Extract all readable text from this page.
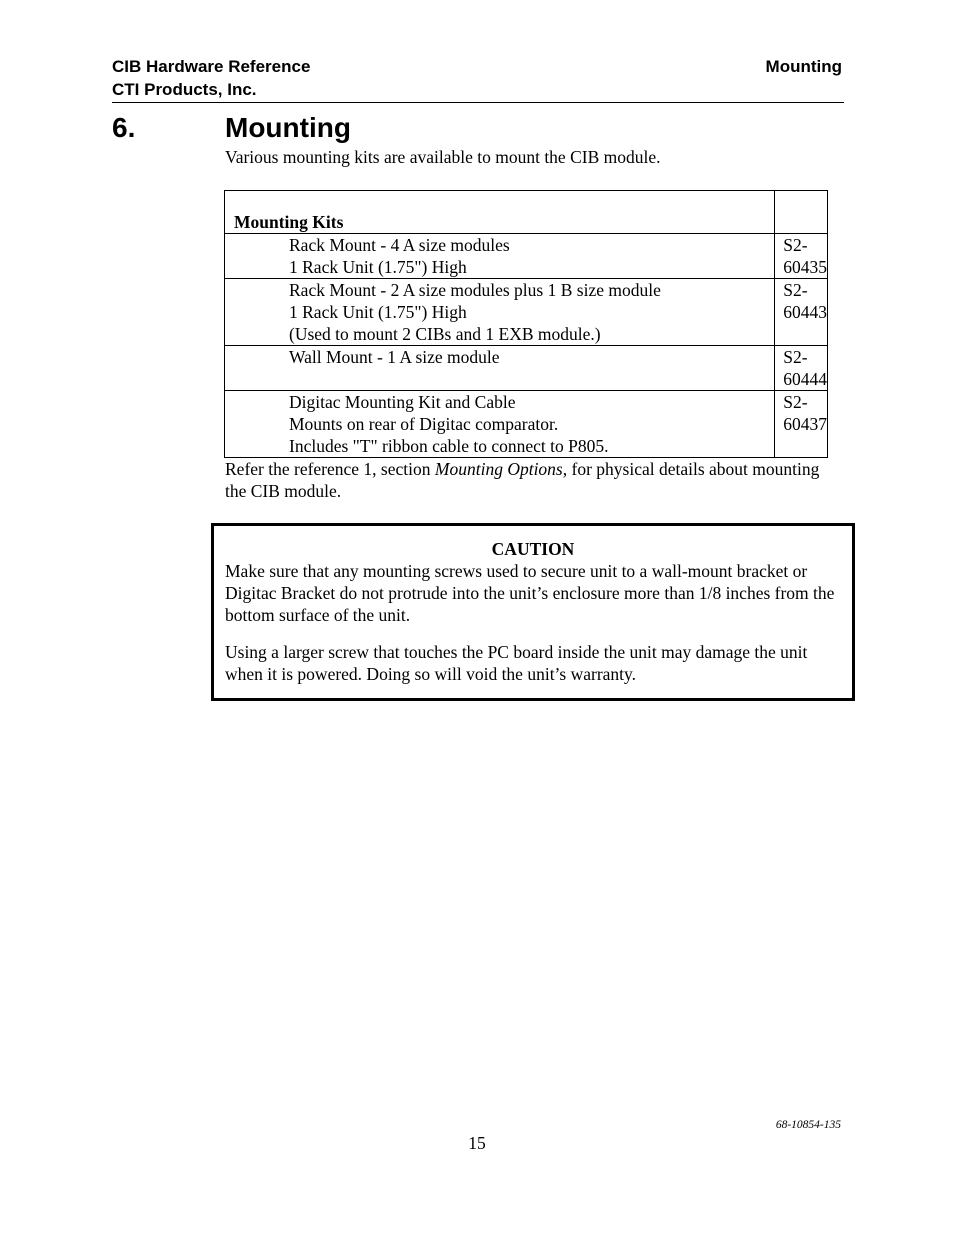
CIB Hardware Reference
CTI Products, Inc.
Mounting
6.	Mounting
Various mounting kits are available to mount the CIB module.
Mounting Kits	

Rack Mount - 4 A size modules
1 Rack Unit (1.75") High	S2-60435

Rack Mount - 2 A size modules plus 1 B size module
1 Rack Unit (1.75") High
(Used to mount 2 CIBs and 1 EXB module.)	S2-60443

Wall Mount - 1 A size module	S2-60444

Digitac Mounting Kit and Cable
Mounts on rear of Digitac comparator.
Includes "T" ribbon cable to connect to P805.	S2-60437
Refer the reference 1, section Mounting Options, for physical details about mounting the CIB module.
CAUTION
Make sure that any mounting screws used to secure unit to a wall-mount bracket or Digitac Bracket do not protrude into the unit’s enclosure more than 1/8 inches from the bottom surface of the unit.
Using a larger screw that touches the PC board inside the unit may damage the unit when it is powered. Doing so will void the unit’s warranty.
68-10854-135
15
